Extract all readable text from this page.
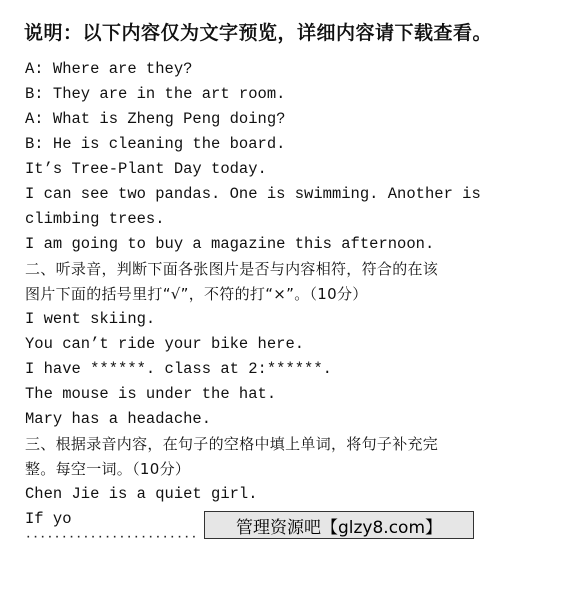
说明：以下内容仅为文字预览，详细内容请下载查看。
A: Where are they?
B: They are in the art room.
A: What is Zheng Peng doing?
B: He is cleaning the board.
It’s Tree-Plant Day today.
I can see two pandas. One is swimming. Another is
climbing trees.
I am going to buy a magazine this afternoon.
二、听录音，判断下面各张图片是否与内容相符，符合的在该
图片下面的括号里打“√”，不符的打“×”。（10分）
I went skiing.
You can’t ride your bike here.
I have ******. class at 2:******.
The mouse is under the hat.
Mary has a headache.
三、根据录音内容，在句子的空格中填上单词，将句子补充完
整。每空一词。（10分）
Chen Jie is a quiet girl.
If yo
························
管理资源吧【glzy8.com】
